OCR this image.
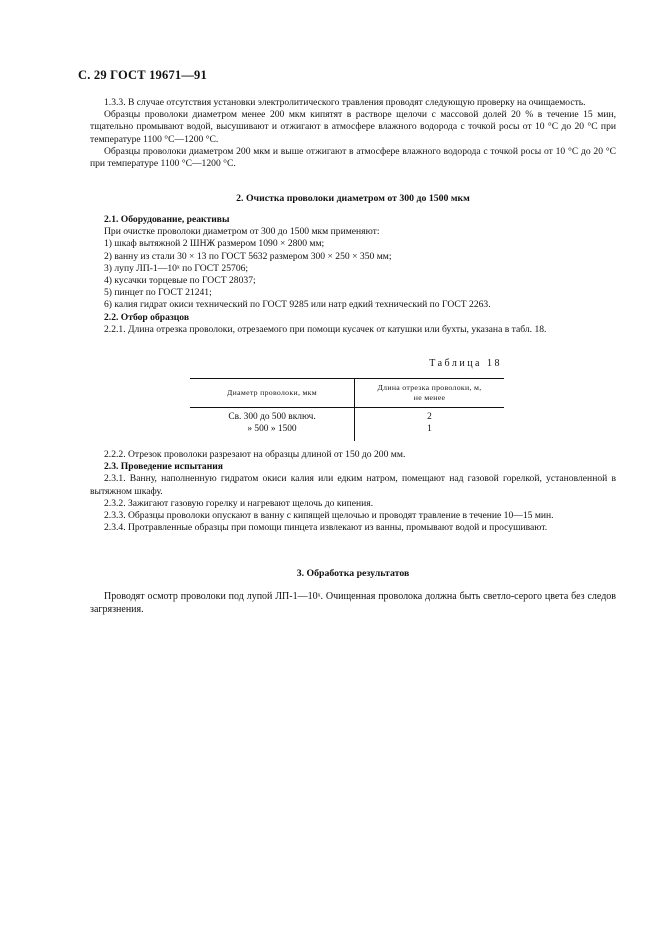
С. 29 ГОСТ 19671—91

1.3.3. В случае отсутствия установки электролитического травления проводят следующую проверку на очищаемость.

Образцы проволоки диаметром менее 200 мкм кипятят в растворе щелочи с массовой долей 20 % в течение 15 мин, тщательно промывают водой, высушивают и отжигают в атмосфере влажного водорода с точкой росы от 10 °С до 20 °С при температуре 1100 °С—1200 °С.

Образцы проволоки диаметром 200 мкм и выше отжигают в атмосфере влажного водорода с точкой росы от 10 °С до 20 °С при температуре 1100 °С—1200 °С.

2. Очистка проволоки диаметром от 300 до 1500 мкм

2.1. Оборудование, реактивы

При очистке проволоки диаметром от 300 до 1500 мкм применяют:

1) шкаф вытяжной 2 ШНЖ размером 1090 × 2800 мм;

2) ванну из стали 30 × 13 по ГОСТ 5632 размером 300 × 250 × 350 мм;

3) лупу ЛП-1—10ˣ по ГОСТ 25706;

4) кусачки торцевые по ГОСТ 28037;

5) пинцет по ГОСТ 21241;

6) калия гидрат окиси технический по ГОСТ 9285 или натр едкий технический по ГОСТ 2263.

2.2. Отбор образцов

2.2.1. Длина отрезка проволоки, отрезаемого при помощи кусачек от катушки или бухты, указана в табл. 18.

Таблица 18
Диаметр проволоки, мкм	Длина отрезка проволоки, м,
не менее
Св. 300 до 500 включ.	2
» 500 » 1500	1

2.2.2. Отрезок проволоки разрезают на образцы длиной от 150 до 200 мм.

2.3. Проведение испытания

2.3.1. Ванну, наполненную гидратом окиси калия или едким натром, помещают над газовой горелкой, установленной в вытяжном шкафу.

2.3.2. Зажигают газовую горелку и нагревают щелочь до кипения.

2.3.3. Образцы проволоки опускают в ванну с кипящей щелочью и проводят травление в течение 10—15 мин.

2.3.4. Протравленные образцы при помощи пинцета извлекают из ванны, промывают водой и просушивают.

3. Обработка результатов

Проводят осмотр проволоки под лупой ЛП-1—10ˣ. Очищенная проволока должна быть светло-серого цвета без следов загрязнения.
